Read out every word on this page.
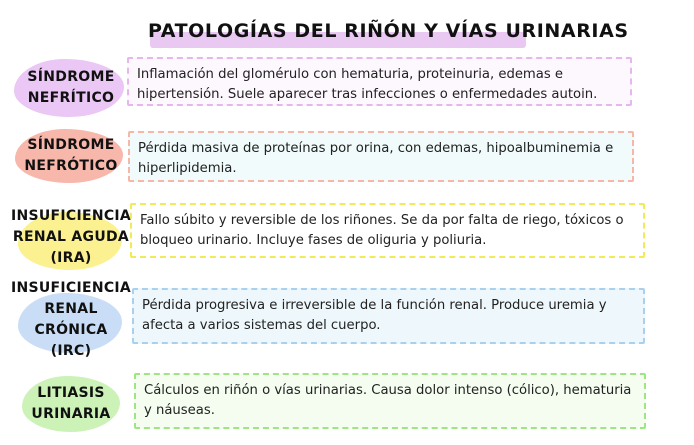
PATOLOGÍAS DEL RIÑÓN Y VÍAS URINARIAS
SÍNDROME
NEFRÍTICO
Inflamación del glomérulo con hematuria, proteinuria, edemas e hipertensión. Suele aparecer tras infecciones o enfermedades autoin.
SÍNDROME
NEFRÓTICO
Pérdida masiva de proteínas por orina, con edemas, hipoalbuminemia e hiperlipidemia.
INSUFICIENCIA
RENAL AGUDA
(IRA)
Fallo súbito y reversible de los riñones. Se da por falta de riego, tóxicos o bloqueo urinario. Incluye fases de oliguria y poliuria.
INSUFICIENCIA
RENAL CRÓNICA
(IRC)
Pérdida progresiva e irreversible de la función renal. Produce uremia y afecta a varios sistemas del cuerpo.
LITIASIS
URINARIA
Cálculos en riñón o vías urinarias. Causa dolor intenso (cólico), hematuria y náuseas.
